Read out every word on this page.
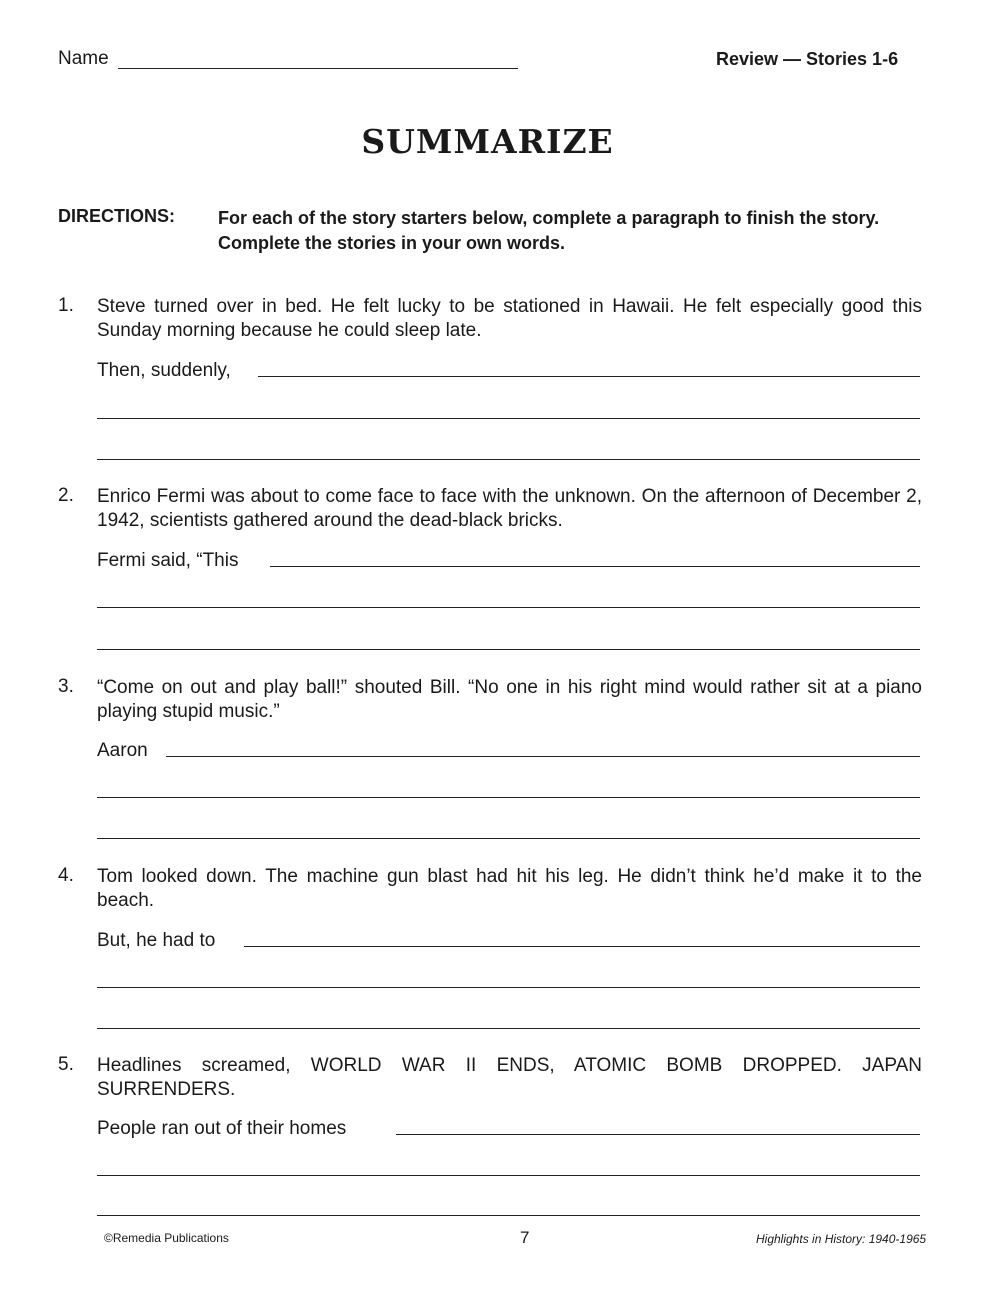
Name	Review — Stories 1-6
SUMMARIZE
DIRECTIONS: For each of the story starters below, complete a paragraph to finish the story. Complete the stories in your own words.
1. Steve turned over in bed. He felt lucky to be stationed in Hawaii. He felt especially good this Sunday morning because he could sleep late.
Then, suddenly,
2. Enrico Fermi was about to come face to face with the unknown. On the afternoon of December 2, 1942, scientists gathered around the dead-black bricks.
Fermi said, “This
3. “Come on out and play ball!” shouted Bill. “No one in his right mind would rather sit at a piano playing stupid music.”
Aaron
4. Tom looked down. The machine gun blast had hit his leg. He didn’t think he’d make it to the beach.
But, he had to
5. Headlines screamed, WORLD WAR II ENDS, ATOMIC BOMB DROPPED. JAPAN SURRENDERS.
People ran out of their homes
©Remedia Publications	7	Highlights in History: 1940-1965
